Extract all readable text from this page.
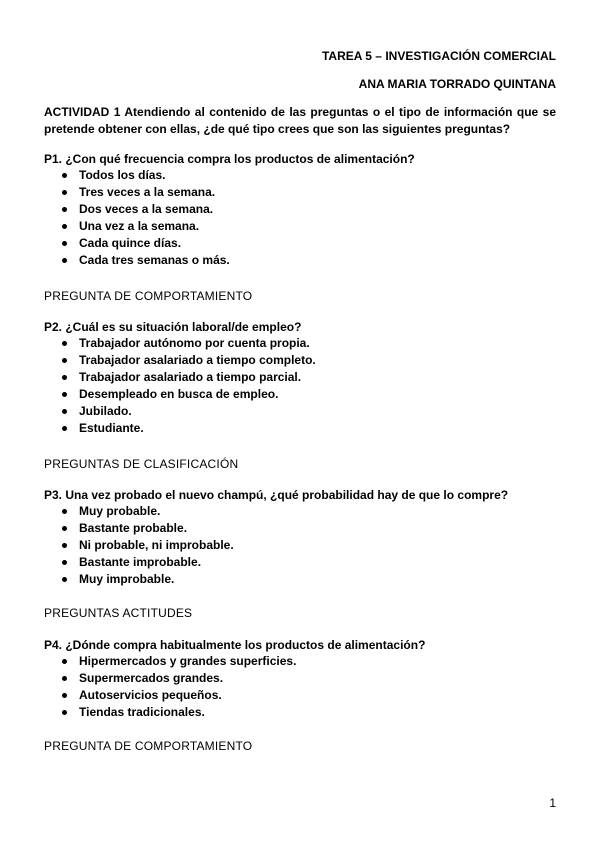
TAREA 5 – INVESTIGACIÓN COMERCIAL
ANA MARIA TORRADO QUINTANA
ACTIVIDAD 1 Atendiendo al contenido de las preguntas o el tipo de información que se pretende obtener con ellas, ¿de qué tipo crees que son las siguientes preguntas?
P1. ¿Con qué frecuencia compra los productos de alimentación?
Todos los días.
Tres veces a la semana.
Dos veces a la semana.
Una vez a la semana.
Cada quince días.
Cada tres semanas o más.
PREGUNTA DE COMPORTAMIENTO
P2. ¿Cuál es su situación laboral/de empleo?
Trabajador autónomo por cuenta propia.
Trabajador asalariado a tiempo completo.
Trabajador asalariado a tiempo parcial.
Desempleado en busca de empleo.
Jubilado.
Estudiante.
PREGUNTAS DE CLASIFICACIÓN
P3. Una vez probado el nuevo champú, ¿qué probabilidad hay de que lo compre?
Muy probable.
Bastante probable.
Ni probable, ni improbable.
Bastante improbable.
Muy improbable.
PREGUNTAS ACTITUDES
P4. ¿Dónde compra habitualmente los productos de alimentación?
Hipermercados y grandes superficies.
Supermercados grandes.
Autoservicios pequeños.
Tiendas tradicionales.
PREGUNTA DE COMPORTAMIENTO
1
